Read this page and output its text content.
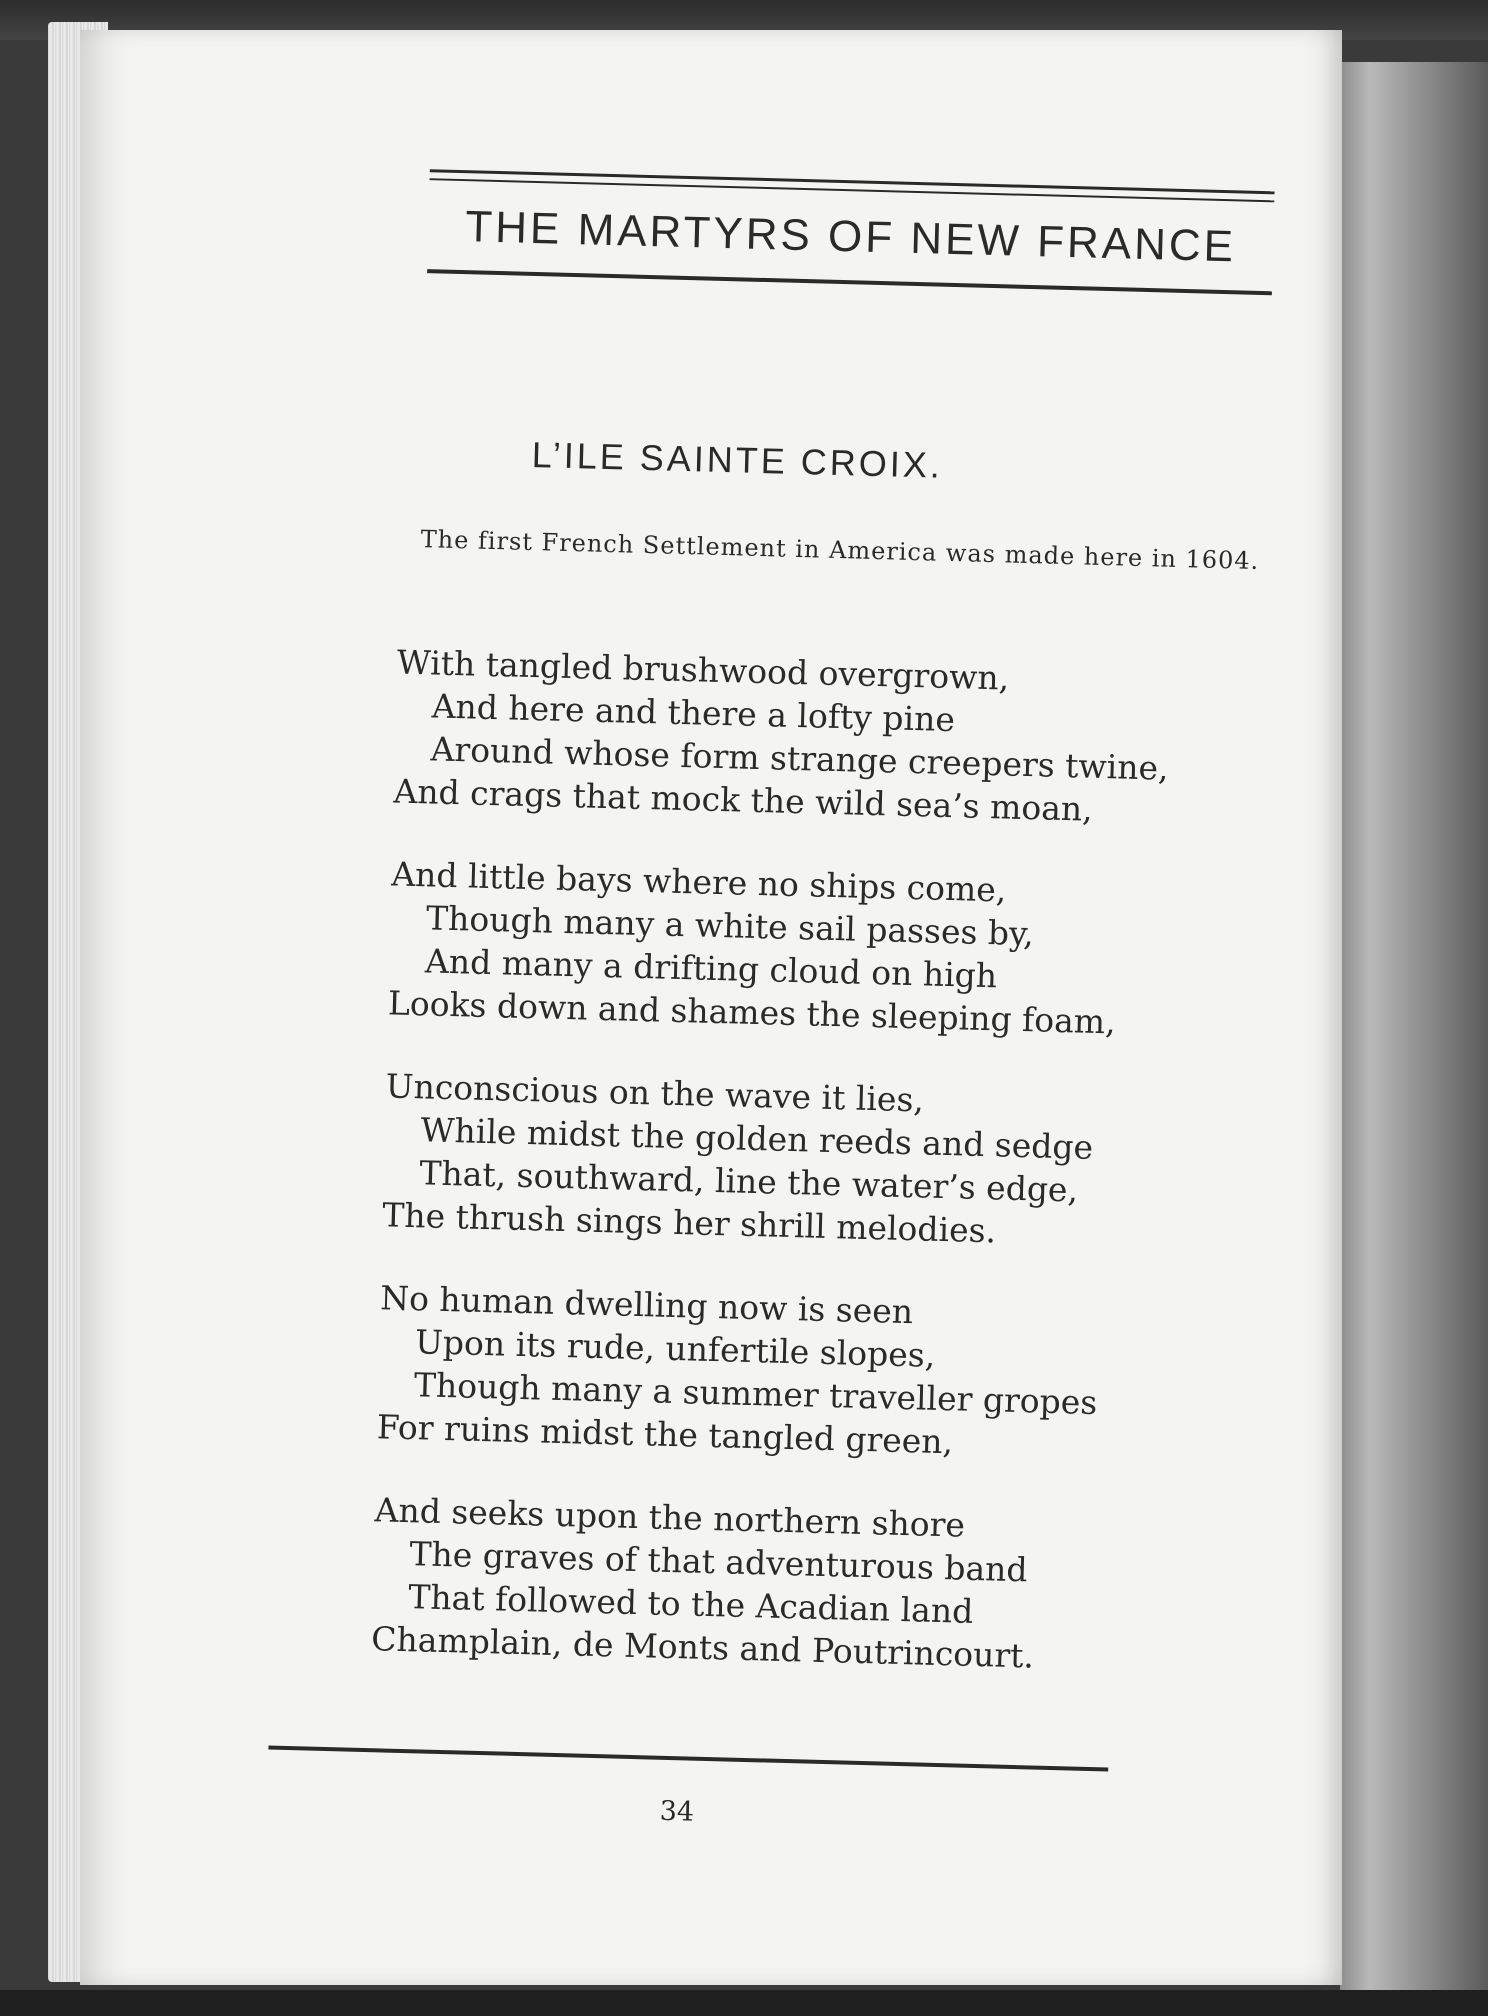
THE MARTYRS OF NEW FRANCE
L’ILE SAINTE CROIX.
The first French Settlement in America was made here in 1604.
With tangled brushwood overgrown,
And here and there a lofty pine
Around whose form strange creepers twine,
And crags that mock the wild sea’s moan,
And little bays where no ships come,
Though many a white sail passes by,
And many a drifting cloud on high
Looks down and shames the sleeping foam,
Unconscious on the wave it lies,
While midst the golden reeds and sedge
That, southward, line the water’s edge,
The thrush sings her shrill melodies.
No human dwelling now is seen
Upon its rude, unfertile slopes,
Though many a summer traveller gropes
For ruins midst the tangled green,
And seeks upon the northern shore
The graves of that adventurous band
That followed to the Acadian land
Champlain, de Monts and Poutrincourt.
34
